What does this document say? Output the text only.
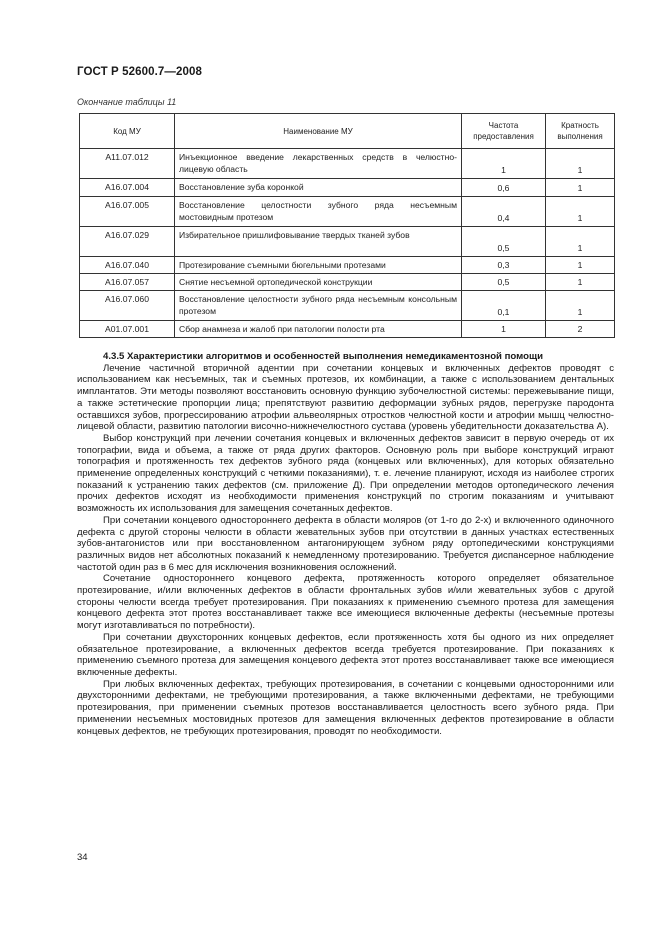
ГОСТ Р 52600.7—2008
Окончание таблицы 11
Код МУ	Наименование МУ	Частота предоставления	Кратность выполнения
A11.07.012	Инъекционное введение лекарственных средств в челюстно-лицевую область	1	1
A16.07.004	Восстановление зуба коронкой	0,6	1
A16.07.005	Восстановление целостности зубного ряда несъемным мостовидным протезом	0,4	1
A16.07.029	Избирательное пришлифовывание твердых тканей зубов	0,5	1
A16.07.040	Протезирование съемными бюгельными протезами	0,3	1
A16.07.057	Снятие несъемной ортопедической конструкции	0,5	1
A16.07.060	Восстановление целостности зубного ряда несъемным консольным протезом	0,1	1
A01.07.001	Сбор анамнеза и жалоб при патологии полости рта	1	2
4.3.5 Характеристики алгоритмов и особенностей выполнения немедикаментозной помощи

Лечение частичной вторичной адентии при сочетании концевых и включенных дефектов проводят с использованием как несъемных, так и съемных протезов, их комбинации, а также с использованием дентальных имплантатов. Эти методы позволяют восстановить основную функцию зубочелюстной системы: пережевывание пищи, а также эстетические пропорции лица; препятствуют развитию деформации зубных рядов, перегрузке пародонта оставшихся зубов, прогрессированию атрофии альвеолярных отростков челюстной кости и атрофии мышц челюстно-лицевой области, развитию патологии височно-нижнечелюстного сустава (уровень убедительности доказательства А).

Выбор конструкций при лечении сочетания концевых и включенных дефектов зависит в первую очередь от их топографии, вида и объема, а также от ряда других факторов. Основную роль при выборе конструкций играют топография и протяженность тех дефектов зубного ряда (концевых или включенных), для которых обязательно применение определенных конструкций с четкими показаниями), т. е. лечение планируют, исходя из наиболее строгих показаний к устранению таких дефектов (см. приложение Д). При определении методов ортопедического лечения прочих дефектов исходят из необходимости применения конструкций по строгим показаниям и учитывают возможность их использования для замещения сочетанных дефектов.

При сочетании концевого одностороннего дефекта в области моляров (от 1-го до 2-х) и включенного одиночного дефекта с другой стороны челюсти в области жевательных зубов при отсутствии в данных участках естественных зубов-антагонистов или при восстановленном антагонирующем зубном ряду ортопедическими конструкциями различных видов нет абсолютных показаний к немедленному протезированию. Требуется диспансерное наблюдение частотой один раз в 6 мес для исключения возникновения осложнений.

Сочетание одностороннего концевого дефекта, протяженность которого определяет обязательное протезирование, и/или включенных дефектов в области фронтальных зубов и/или жевательных зубов с другой стороны челюсти всегда требует протезирования. При показаниях к применению съемного протеза для замещения концевого дефекта этот протез восстанавливает также все имеющиеся включенные дефекты (несъемные протезы могут изготавливаться по потребности).

При сочетании двухсторонних концевых дефектов, если протяженность хотя бы одного из них определяет обязательное протезирование, а включенных дефектов всегда требуется протезирование. При показаниях к применению съемного протеза для замещения концевого дефекта этот протез восстанавливает также все имеющиеся включенные дефекты.

При любых включенных дефектах, требующих протезирования, в сочетании с концевыми односторонними или двухсторонними дефектами, не требующими протезирования, а также включенными дефектами, не требующими протезирования, при применении съемных протезов восстанавливается целостность всего зубного ряда. При применении несъемных мостовидных протезов для замещения включенных дефектов протезирование в области концевых дефектов, не требующих протезирования, проводят по необходимости.

34
